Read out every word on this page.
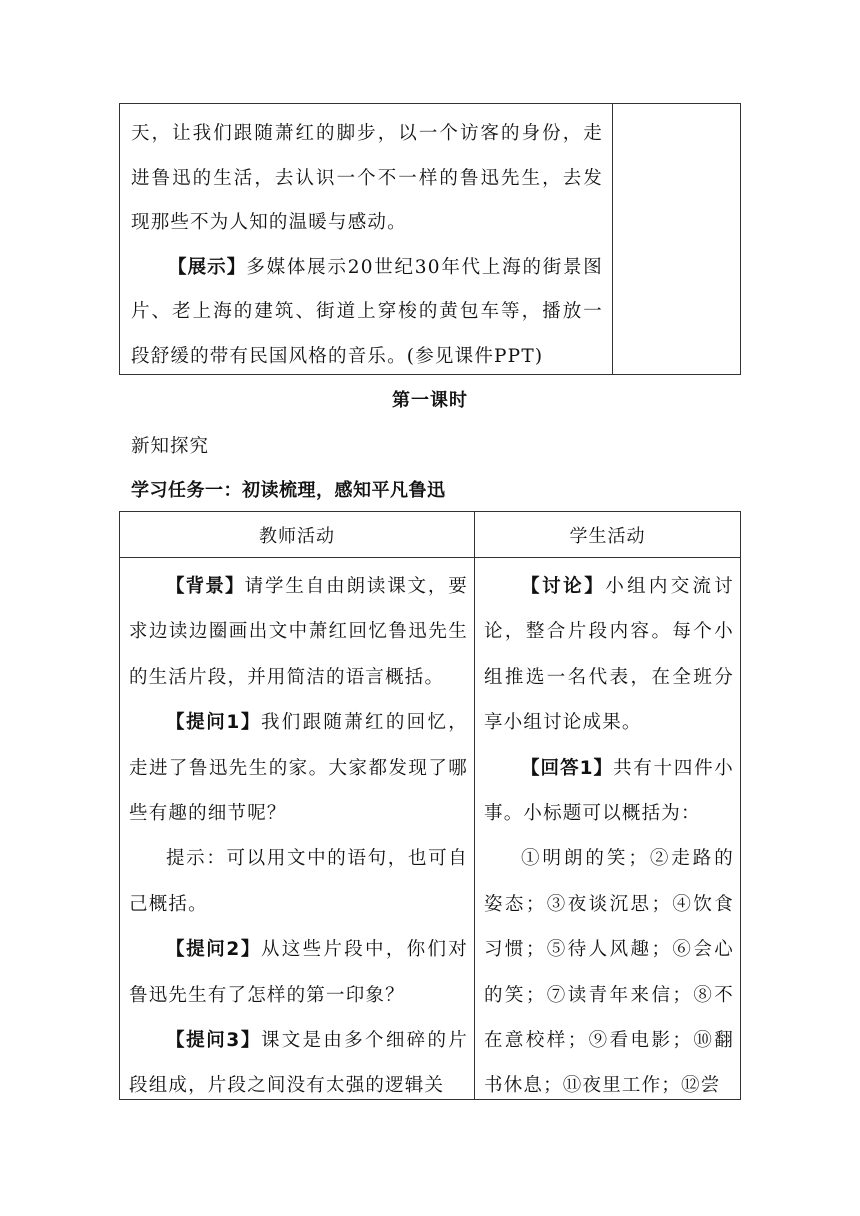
天，让我们跟随萧红的脚步，以一个访客的身份，走进鲁迅的生活，去认识一个不一样的鲁迅先生，去发现那些不为人知的温暖与感动。

【展示】多媒体展示20世纪30年代上海的街景图片、老上海的建筑、街道上穿梭的黄包车等，播放一段舒缓的带有民国风格的音乐。(参见课件PPT)

第一课时
新知探究
学习任务一：初读梳理，感知平凡鲁迅
教师活动	学生活动

【背景】请学生自由朗读课文，要求边读边圈画出文中萧红回忆鲁迅先生的生活片段，并用简洁的语言概括。

【提问1】我们跟随萧红的回忆，走进了鲁迅先生的家。大家都发现了哪些有趣的细节呢？

提示：可以用文中的语句，也可自己概括。

【提问2】从这些片段中，你们对鲁迅先生有了怎样的第一印象？

【提问3】课文是由多个细碎的片段组成，片段之间没有太强的逻辑关

【讨论】小组内交流讨论，整合片段内容。每个小组推选一名代表，在全班分享小组讨论成果。

【回答1】共有十四件小事。小标题可以概括为：

①明朗的笑；②走路的姿态；③夜谈沉思；④饮食习惯；⑤待人风趣；⑥会心的笑；⑦读青年来信；⑧不在意校样；⑨看电影；⑩翻书休息；⑪夜里工作；⑫尝
